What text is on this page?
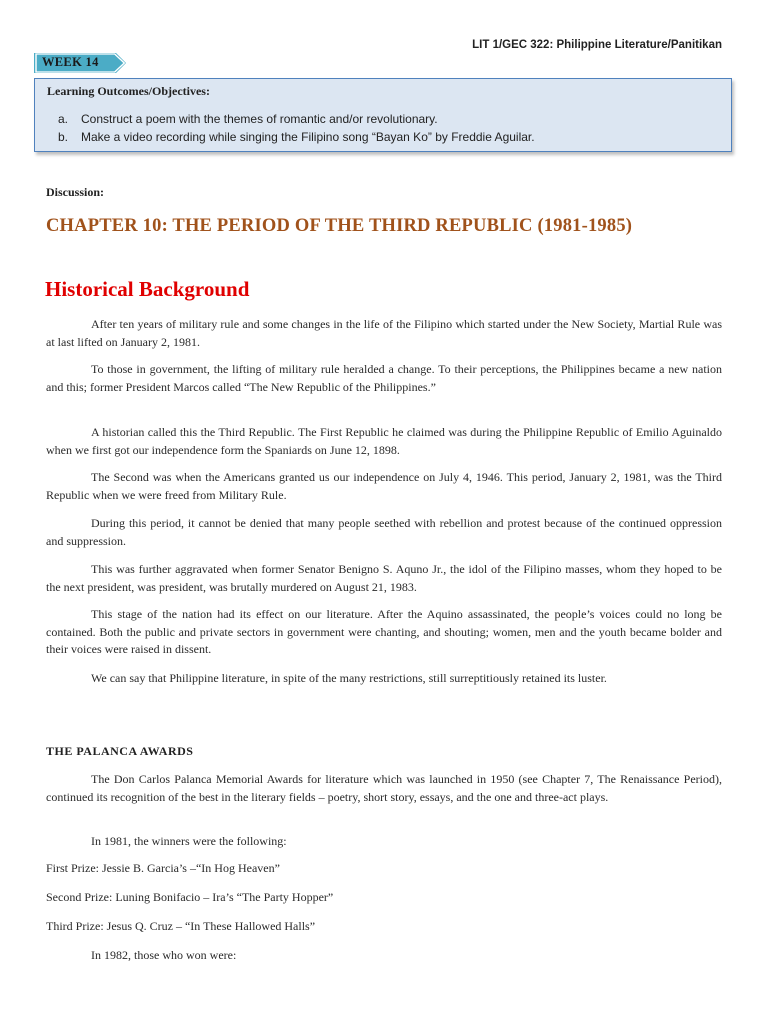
LIT 1/GEC 322: Philippine Literature/Panitikan
WEEK 14
Learning Outcomes/Objectives:
a. Construct a poem with the themes of romantic and/or revolutionary.
b. Make a video recording while singing the Filipino song “Bayan Ko” by Freddie Aguilar.
Discussion:
CHAPTER 10: THE PERIOD OF THE THIRD REPUBLIC (1981-1985)
Historical Background

After ten years of military rule and some changes in the life of the Filipino which started under the New Society, Martial Rule was at last lifted on January 2, 1981.

To those in government, the lifting of military rule heralded a change. To their perceptions, the Philippines became a new nation and this; former President Marcos called “The New Republic of the Philippines.”

A historian called this the Third Republic. The First Republic he claimed was during the Philippine Republic of Emilio Aguinaldo when we first got our independence form the Spaniards on June 12, 1898.

The Second was when the Americans granted us our independence on July 4, 1946. This period, January 2, 1981, was the Third Republic when we were freed from Military Rule.

During this period, it cannot be denied that many people seethed with rebellion and protest because of the continued oppression and suppression.

This was further aggravated when former Senator Benigno S. Aquno Jr., the idol of the Filipino masses, whom they hoped to be the next president, was president, was brutally murdered on August 21, 1983.

This stage of the nation had its effect on our literature. After the Aquino assassinated, the people’s voices could no long be contained. Both the public and private sectors in government were chanting, and shouting; women, men and the youth became bolder and their voices were raised in dissent.

We can say that Philippine literature, in spite of the many restrictions, still surreptitiously retained its luster.

THE PALANCA AWARDS

The Don Carlos Palanca Memorial Awards for literature which was launched in 1950 (see Chapter 7, The Renaissance Period), continued its recognition of the best in the literary fields – poetry, short story, essays, and the one and three-act plays.

In 1981, the winners were the following:
First Prize: Jessie B. Garcia’s –“In Hog Heaven”
Second Prize: Luning Bonifacio – Ira’s “The Party Hopper”
Third Prize: Jesus Q. Cruz – “In These Hallowed Halls”
In 1982, those who won were:
